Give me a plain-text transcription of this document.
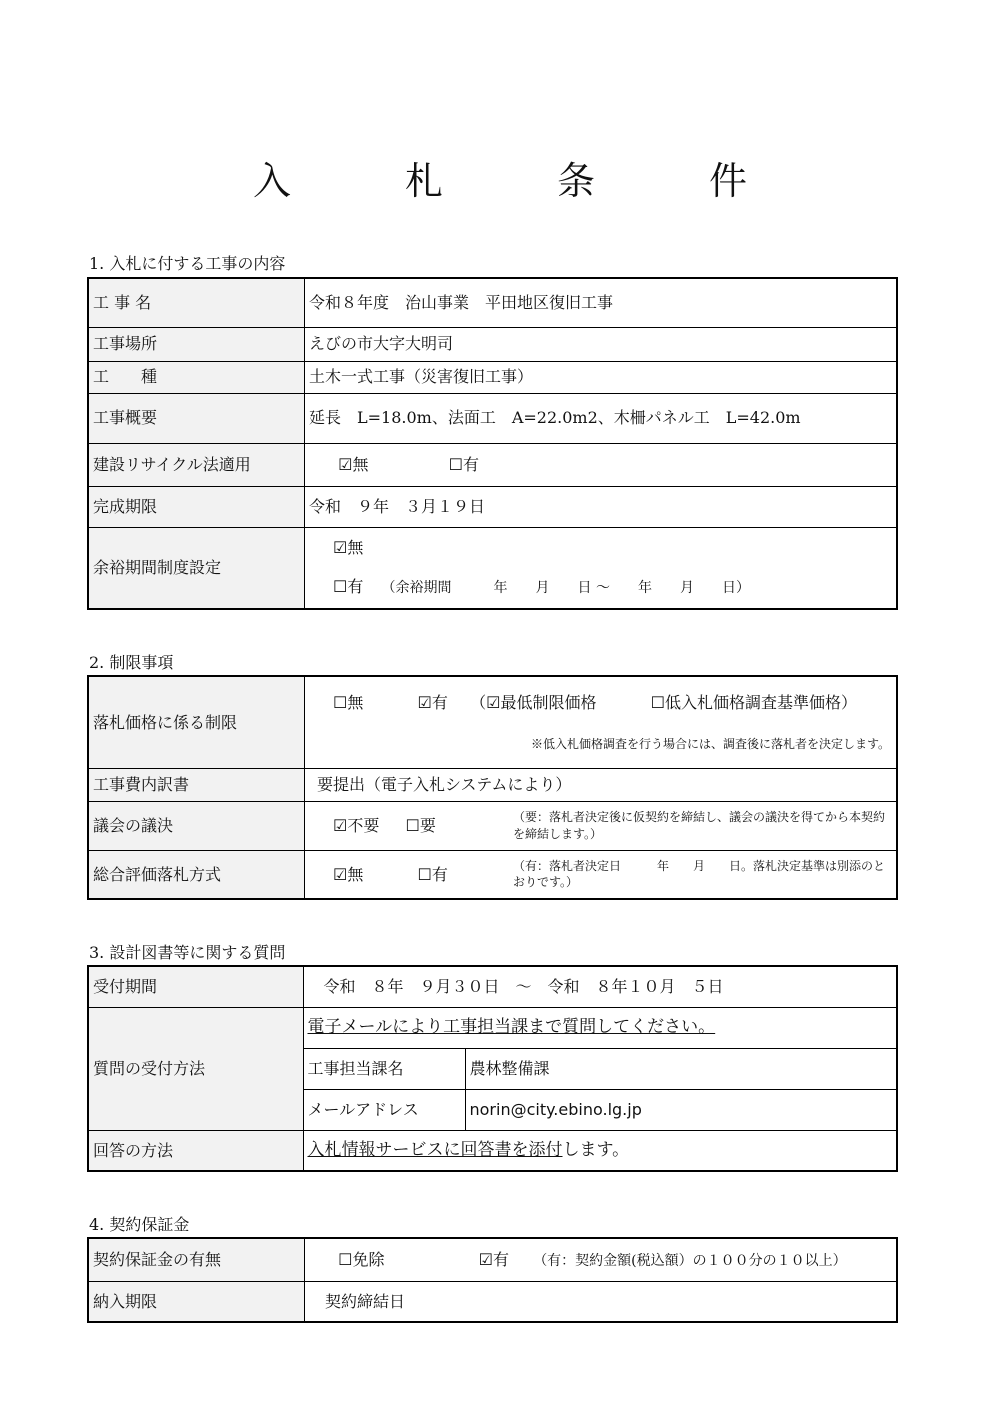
入　札　条　件
1. 入札に付する工事の内容
工 事 名	令和８年度　治山事業　平田地区復旧工事
工事場所	えびの市大字大明司
工　　種	土木一式工事（災害復旧工事）
工事概要	延長　L=18.0m、法面工　A=22.0m2、木柵パネル工　L=42.0m
建設リサイクル法適用	☑無 ☐有
完成期限	令和　９年　３月１９日
余裕期間制度設定	☑無
☐有 （余裕期間　　　年　　月　　日 〜　　年　　月　　日）
2. 制限事項
落札価格に係る制限	☐無 ☑有 （☑最低制限価格 ☐低入札価格調査基準価格）
※低入札価格調査を行う場合には、調査後に落札者を決定します。

工事費内訳書	要提出（電子入札システムにより）
議会の議決	☑不要 ☐要 （要：落札者決定後に仮契約を締結し、議会の議決を得てから本契約を締結します。）

総合評価落札方式	☑無 ☐有 （有：落札者決定日　　　年　　月　　日。落札決定基準は別添のとおりです。）
3. 設計図書等に関する質問
受付期間	令和　８年　９月３０日　〜　令和　８年１０月　５日	
質問の受付方法	電子メールにより工事担当課まで質問してください。	
	工事担当課名	農林整備課
	メールアドレス	norin@city.ebino.lg.jp
回答の方法	入札情報サービスに回答書を添付します。	
4. 契約保証金
契約保証金の有無	☐免除 ☑有 （有：契約金額(税込額）の１００分の１０以上）
納入期限	契約締結日
